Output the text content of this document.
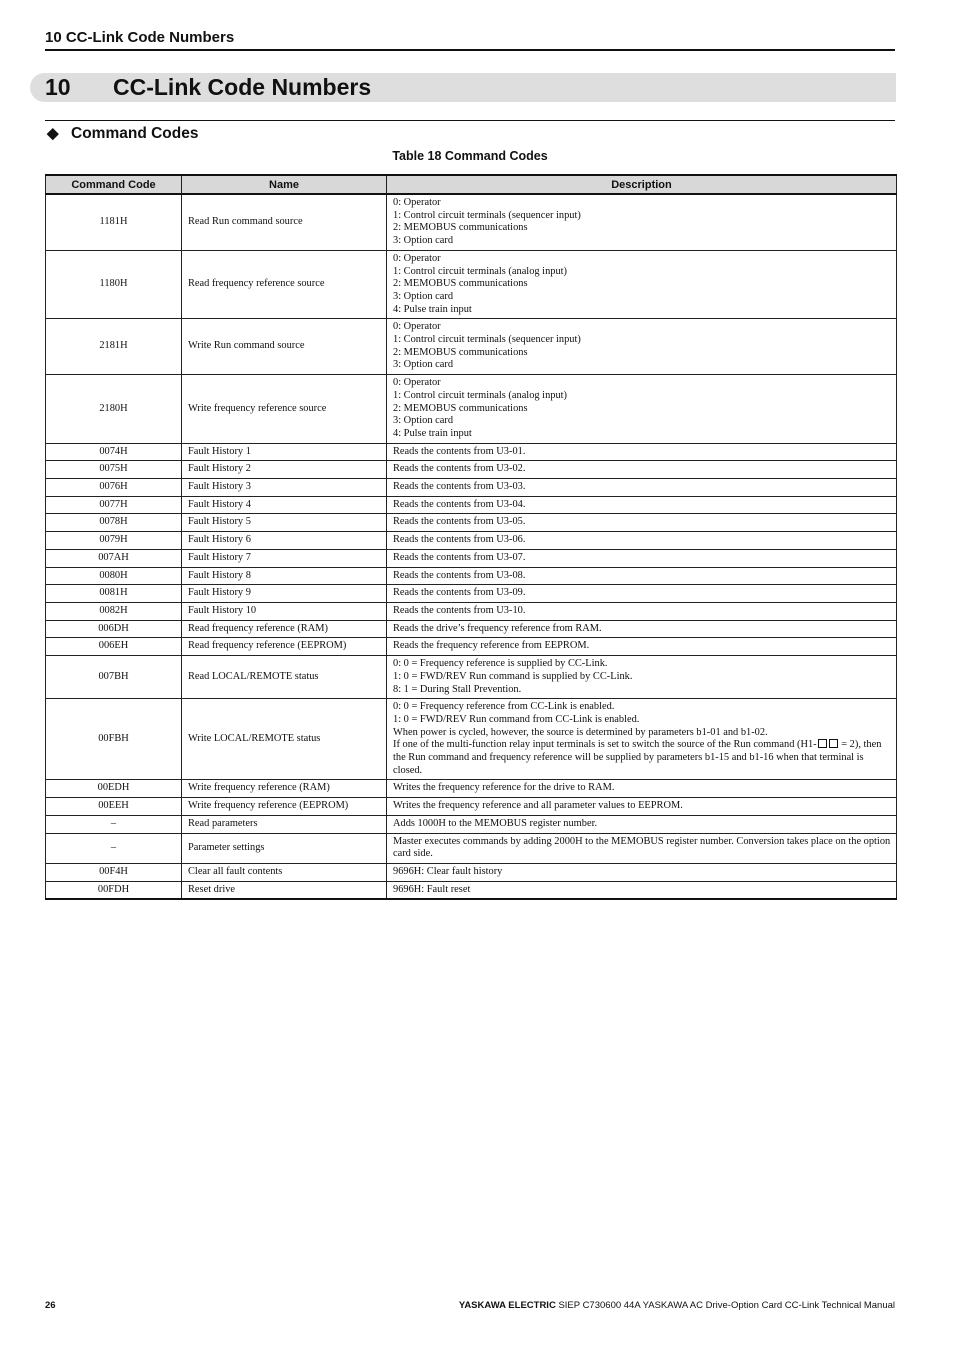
10 CC-Link Code Numbers
10 CC-Link Code Numbers
◆ Command Codes
Table 18 Command Codes
Command Code	Name	Description
1181H	Read Run command source	0: Operator
1: Control circuit terminals (sequencer input)
2: MEMOBUS communications
3: Option card

1180H	Read frequency reference source	0: Operator
1: Control circuit terminals (analog input)
2: MEMOBUS communications
3: Option card
4: Pulse train input

2181H	Write Run command source	0: Operator
1: Control circuit terminals (sequencer input)
2: MEMOBUS communications
3: Option card

2180H	Write frequency reference source	0: Operator
1: Control circuit terminals (analog input)
2: MEMOBUS communications
3: Option card
4: Pulse train input

0074H	Fault History 1	Reads the contents from U3-01.

0075H	Fault History 2	Reads the contents from U3-02.

0076H	Fault History 3	Reads the contents from U3-03.

0077H	Fault History 4	Reads the contents from U3-04.

0078H	Fault History 5	Reads the contents from U3-05.

0079H	Fault History 6	Reads the contents from U3-06.

007AH	Fault History 7	Reads the contents from U3-07.

0080H	Fault History 8	Reads the contents from U3-08.

0081H	Fault History 9	Reads the contents from U3-09.

0082H	Fault History 10	Reads the contents from U3-10.

006DH	Read frequency reference (RAM)	Reads the drive’s frequency reference from RAM.

006EH	Read frequency reference (EEPROM)	Reads the frequency reference from EEPROM.

007BH	Read LOCAL/REMOTE status	0: 0 = Frequency reference is supplied by CC-Link.
1: 0 = FWD/REV Run command is supplied by CC-Link.
8: 1 = During Stall Prevention.

00FBH	Write LOCAL/REMOTE status	0: 0 = Frequency reference from CC-Link is enabled.
1: 0 = FWD/REV Run command from CC-Link is enabled.
When power is cycled, however, the source is determined by parameters b1-01 and b1-02.
If one of the multi-function relay input terminals is set to switch the source of the Run command (H1- = 2), then the Run command and frequency reference will be supplied by parameters b1-15 and b1-16 when that terminal is closed.

00EDH	Write frequency reference (RAM)	Writes the frequency reference for the drive to RAM.

00EEH	Write frequency reference (EEPROM)	Writes the frequency reference and all parameter values to EEPROM.

–	Read parameters	Adds 1000H to the MEMOBUS register number.

–	Parameter settings	Master executes commands by adding 2000H to the MEMOBUS register number. Conversion takes place on the option card side.

00F4H	Clear all fault contents	9696H: Clear fault history

00FDH	Reset drive	9696H: Fault reset
26	YASKAWA ELECTRIC SIEP C730600 44A YASKAWA AC Drive-Option Card CC-Link Technical Manual
